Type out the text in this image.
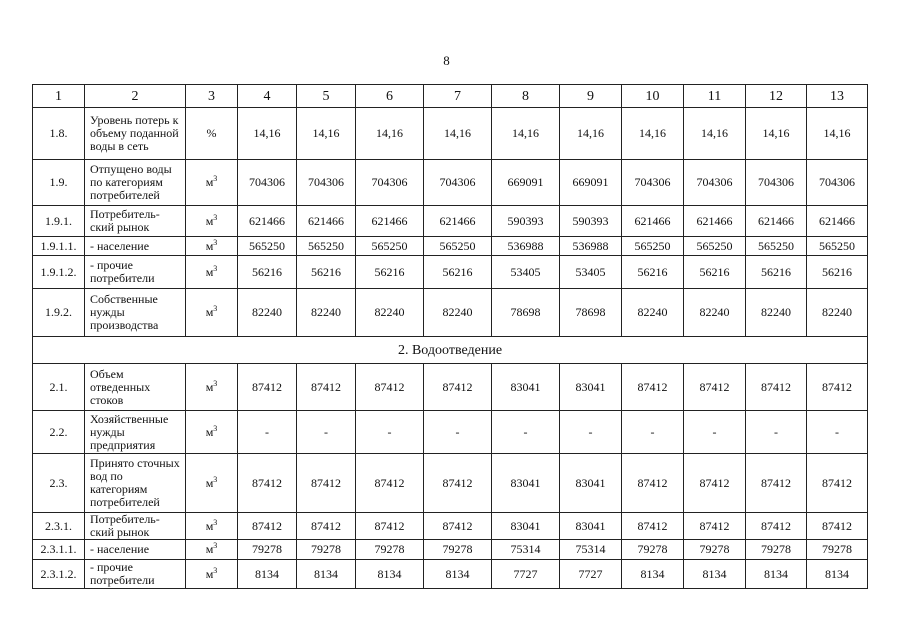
8
1	2	3	4	5	6	7	8	9	10	11	12	13
1.8.	Уровень потерь к объему поданной воды в сеть	%	14,16	14,16	14,16	14,16	14,16	14,16	14,16	14,16	14,16	14,16
1.9.	Отпущено воды по категориям потребителей	$м^3$	704306	704306	704306	704306	669091	669091	704306	704306	704306	704306
1.9.1.	Потребитель-ский рынок	$м^3$	621466	621466	621466	621466	590393	590393	621466	621466	621466	621466
1.9.1.1.	- население	$м^3$	565250	565250	565250	565250	536988	536988	565250	565250	565250	565250
1.9.1.2.	- прочие потребители	$м^3$	56216	56216	56216	56216	53405	53405	56216	56216	56216	56216
1.9.2.	Собственные нужды производства	$м^3$	82240	82240	82240	82240	78698	78698	82240	82240	82240	82240
2. Водоотведение												
2.1.	Объем отведенных стоков	$м^3$	87412	87412	87412	87412	83041	83041	87412	87412	87412	87412
2.2.	Хозяйственные нужды предприятия	$м^3$	-	-	-	-	-	-	-	-	-	-
2.3.	Принято сточных вод по категориям потребителей	$м^3$	87412	87412	87412	87412	83041	83041	87412	87412	87412	87412
2.3.1.	Потребитель-ский рынок	$м^3$	87412	87412	87412	87412	83041	83041	87412	87412	87412	87412
2.3.1.1.	- население	$м^3$	79278	79278	79278	79278	75314	75314	79278	79278	79278	79278
2.3.1.2.	- прочие потребители	$м^3$	8134	8134	8134	8134	7727	7727	8134	8134	8134	8134
